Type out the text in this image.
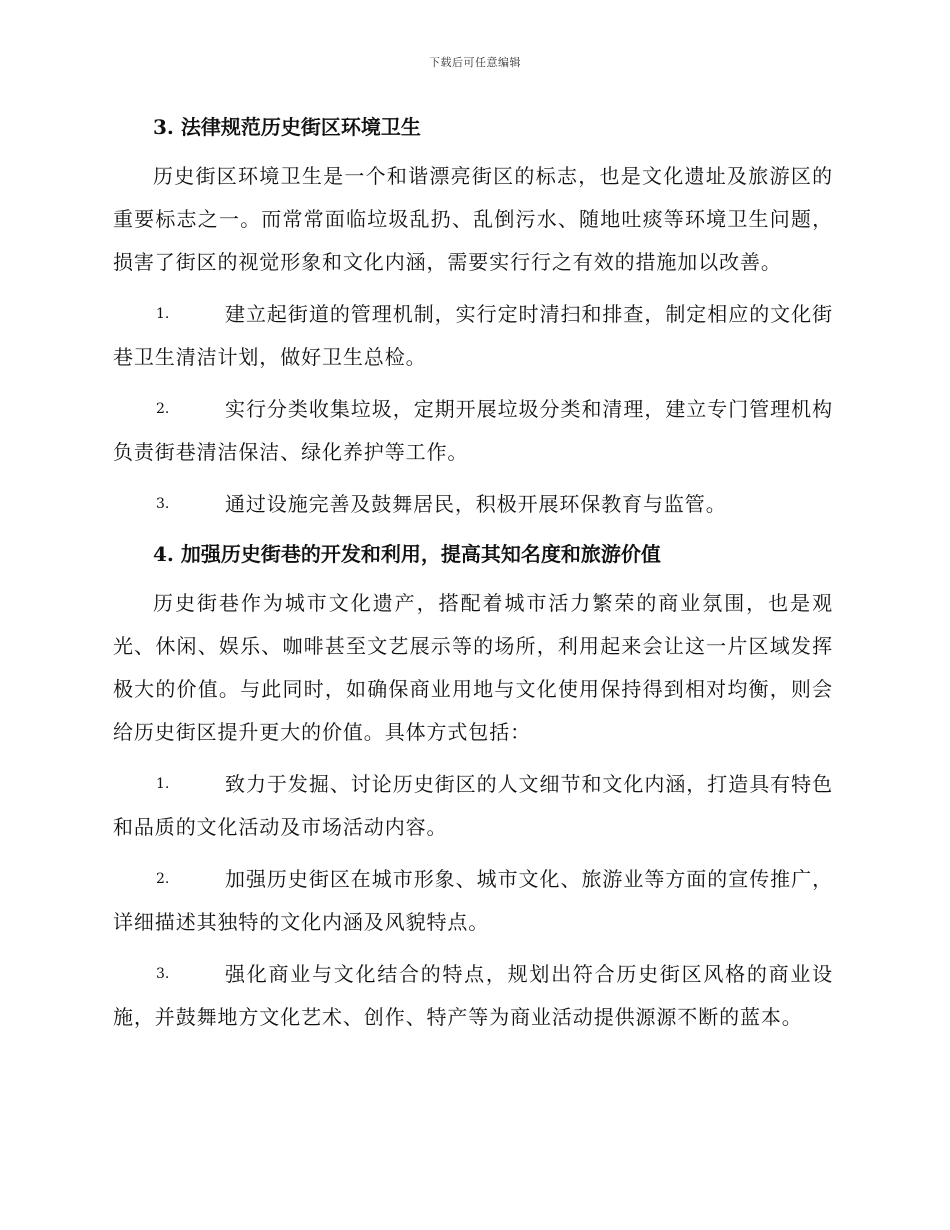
下载后可任意编辑
3. 法律规范历史街区环境卫生
历史街区环境卫生是一个和谐漂亮街区的标志，也是文化遗址及旅游区的重要标志之一。而常常面临垃圾乱扔、乱倒污水、随地吐痰等环境卫生问题，损害了街区的视觉形象和文化内涵，需要实行行之有效的措施加以改善。
1.	建立起街道的管理机制，实行定时清扫和排查，制定相应的文化街巷卫生清洁计划，做好卫生总检。
2.	实行分类收集垃圾，定期开展垃圾分类和清理，建立专门管理机构负责街巷清洁保洁、绿化养护等工作。
3.	通过设施完善及鼓舞居民，积极开展环保教育与监管。
4. 加强历史街巷的开发和利用，提高其知名度和旅游价值
历史街巷作为城市文化遗产，搭配着城市活力繁荣的商业氛围，也是观光、休闲、娱乐、咖啡甚至文艺展示等的场所，利用起来会让这一片区域发挥极大的价值。与此同时，如确保商业用地与文化使用保持得到相对均衡，则会给历史街区提升更大的价值。具体方式包括：
1.	致力于发掘、讨论历史街区的人文细节和文化内涵，打造具有特色和品质的文化活动及市场活动内容。
2.	加强历史街区在城市形象、城市文化、旅游业等方面的宣传推广，详细描述其独特的文化内涵及风貌特点。
3.	强化商业与文化结合的特点，规划出符合历史街区风格的商业设施，并鼓舞地方文化艺术、创作、特产等为商业活动提供源源不断的蓝本。
